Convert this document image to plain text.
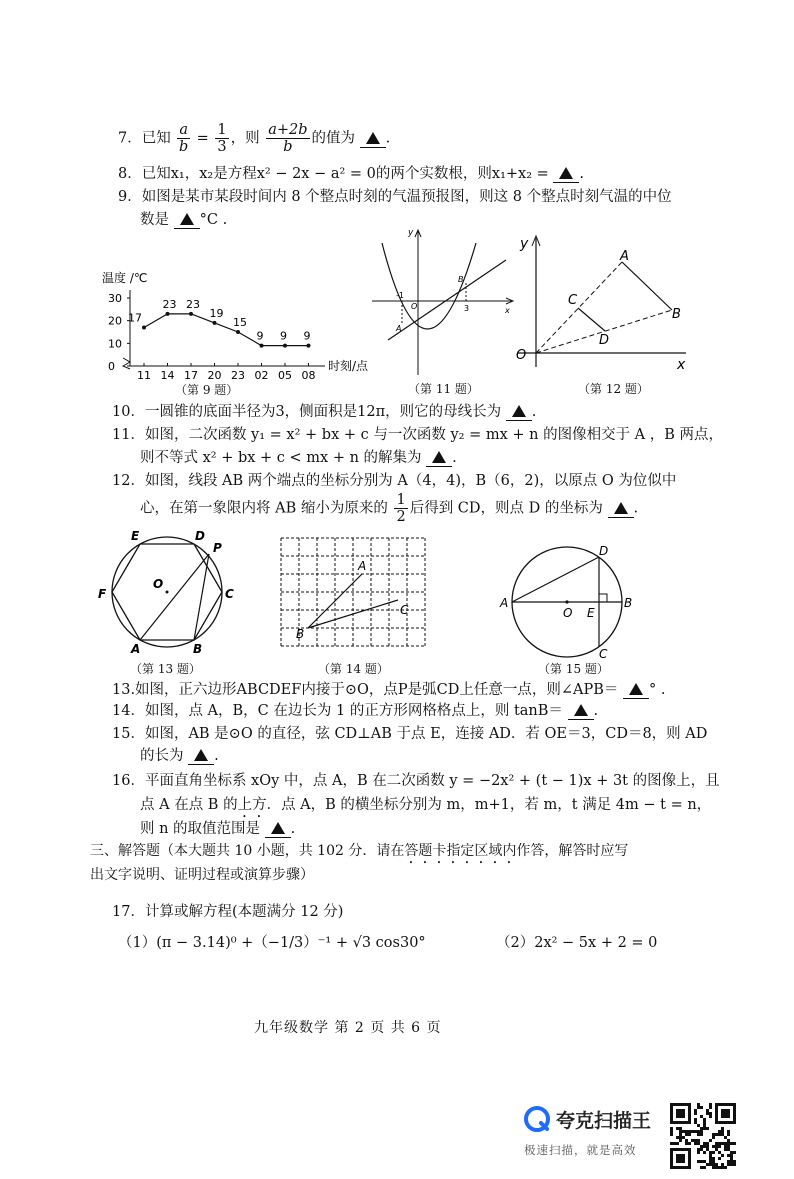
7．已知 $\frac{a}{b} = \frac{1}{3}$ ，则 $\frac{a+2b}{b}$ 的值为 .
8．已知x₁，x₂是方程x² − 2x − a² = 0的两个实数根，则x₁+x₂ = .
9．如图是某市某段时间内 8 个整点时刻的气温预报图，则这 8 个整点时刻气温的中位
数是 °C .
温度 /℃
时刻/点
30
20
10
0
17
11
23
14
23
17
19
20
15
23
9
02
9
05
9
08
（第 9 题）
y
x
B
-1
O
A
3
（第 11 题）
y
x
A
C
B
D
O
（第 12 题）
10．一圆锥的底面半径为3，侧面积是12π，则它的母线长为 .
11．如图，二次函数 y₁ = x² + bx + c 与一次函数 y₂ = mx + n 的图像相交于 A ，B 两点，
则不等式 x² + bx + c < mx + n 的解集为 .
12．如图，线段 AB 两个端点的坐标分别为 A（4，4)，B（6，2)，以原点 O 为位似中
心，在第一象限内将 AB 缩小为原来的 $\frac{1}{2}$ 后得到 CD，则点 D 的坐标为 .
E	D
P
O
F	C
A	B
（第 13 题）
A
C
B
（第 14 题）
D
A
O E
B
C
（第 15 题）
13.如图，正六边形ABCDEF内接于⊙O，点P是弧CD上任意一点，则∠APB＝ ° .
14．如图，点 A，B，C 在边长为 1 的正方形网格格点上，则 tanB＝ .
15．如图，AB 是⊙O 的直径，弦 CD⊥AB 于点 E，连接 AD．若 OE＝3，CD＝8，则 AD
的长为 .
16．平面直角坐标系 xOy 中，点 A，B 在二次函数 y = −2x² + (t − 1)x + 3t 的图像上，且
点 A 在点 B 的上方．点 A，B 的横坐标分别为 m，m+1，若 m，t 满足 4m − t = n，
则 n 的取值范围是 .
三、解答题（本大题共 10 小题，共 102 分．请在答题卡指定区域内作答，解答时应写
出文字说明、证明过程或演算步骤）
17．计算或解方程(本题满分 12 分)
（1）(π − 3.14)⁰ +（−1/3）⁻¹ + √3 cos30°	（2）2x² − 5x + 2 = 0
九年级数学 第 2 页 共 6 页
夸克扫描王
极速扫描，就是高效
